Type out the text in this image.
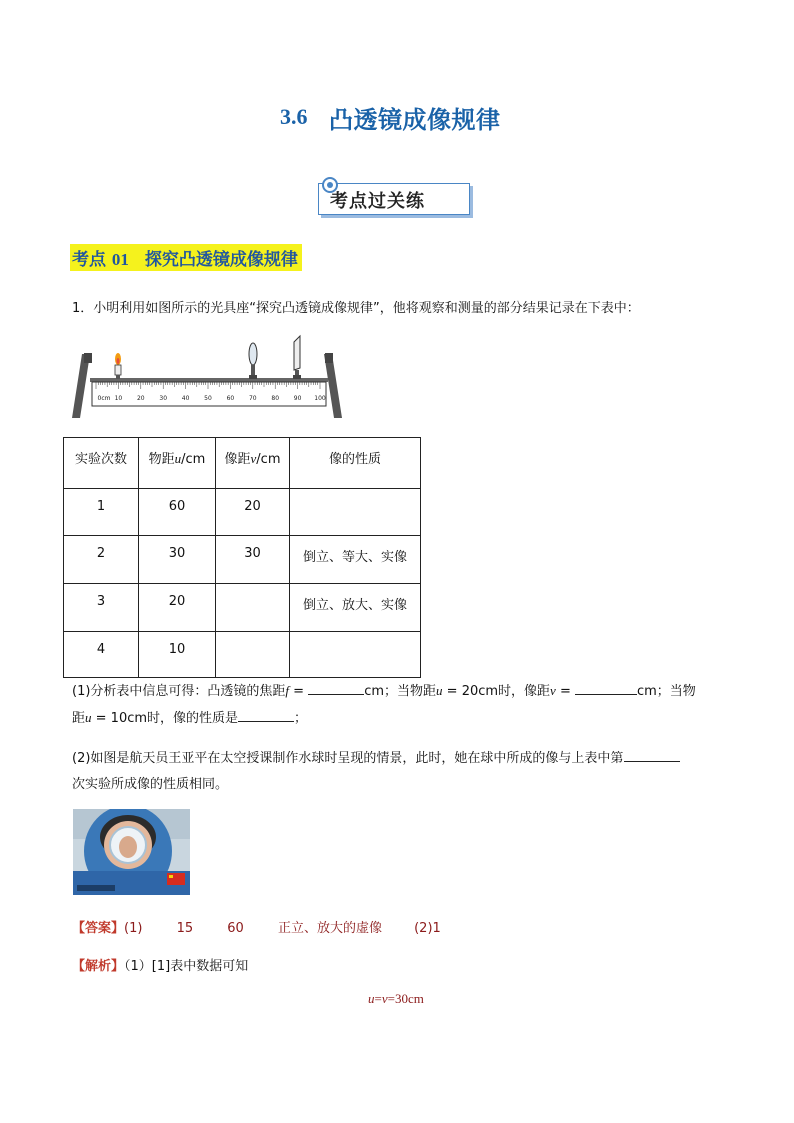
3.6 凸透镜成像规律
考点过关练
考点 01 探究凸透镜成像规律
1．小明利用如图所示的光具座“探究凸透镜成像规律”，他将观察和测量的部分结果记录在下表中：
0cm 10 20 30 40 50 60 70 80 90 100
实验次数	物距u/cm	像距v/cm	像的性质
1	60	20	
2	30	30	倒立、等大、实像
3	20		倒立、放大、实像
4	10		
(1)分析表中信息可得：凸透镜的焦距f =	cm；当物距u = 20cm时，像距v =	cm；当物
距u = 10cm时，像的性质是	；
(2)如图是航天员王亚平在太空授课制作水球时呈现的情景，此时，她在球中所成的像与上表中第
次实验所成像的性质相同。
【答案】(1)	15	60	正立、放大的虚像 (2)1
【解析】（1）[1]表中数据可知
u=v=30cm
